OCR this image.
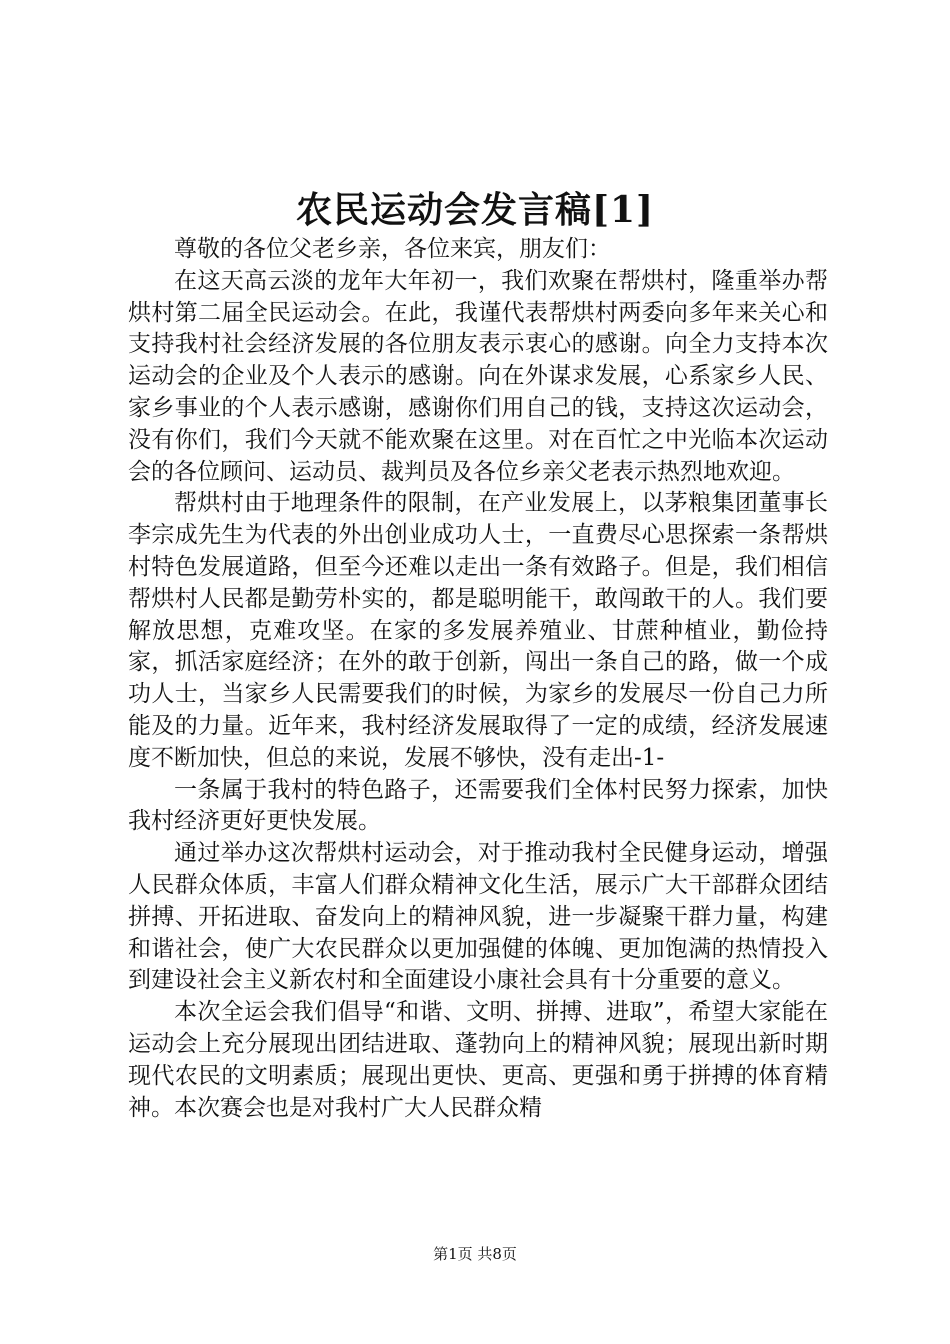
农民运动会发言稿[1]

尊敬的各位父老乡亲，各位来宾，朋友们：

在这天高云淡的龙年大年初一，我们欢聚在帮烘村，隆重举办帮烘村第二届全民运动会。在此，我谨代表帮烘村两委向多年来关心和支持我村社会经济发展的各位朋友表示衷心的感谢。向全力支持本次运动会的企业及个人表示的感谢。向在外谋求发展，心系家乡人民、家乡事业的个人表示感谢，感谢你们用自己的钱，支持这次运动会，没有你们，我们今天就不能欢聚在这里。对在百忙之中光临本次运动会的各位顾问、运动员、裁判员及各位乡亲父老表示热烈地欢迎。

帮烘村由于地理条件的限制，在产业发展上，以茅粮集团董事长李宗成先生为代表的外出创业成功人士，一直费尽心思探索一条帮烘村特色发展道路，但至今还难以走出一条有效路子。但是，我们相信帮烘村人民都是勤劳朴实的，都是聪明能干，敢闯敢干的人。我们要解放思想，克难攻坚。在家的多发展养殖业、甘蔗种植业，勤俭持家，抓活家庭经济；在外的敢于创新，闯出一条自己的路，做一个成功人士，当家乡人民需要我们的时候，为家乡的发展尽一份自己力所能及的力量。近年来，我村经济发展取得了一定的成绩，经济发展速度不断加快，但总的来说，发展不够快，没有走出-1-

一条属于我村的特色路子，还需要我们全体村民努力探索，加快我村经济更好更快发展。

通过举办这次帮烘村运动会，对于推动我村全民健身运动，增强人民群众体质，丰富人们群众精神文化生活，展示广大干部群众团结拼搏、开拓进取、奋发向上的精神风貌，进一步凝聚干群力量，构建和谐社会，使广大农民群众以更加强健的体魄、更加饱满的热情投入到建设社会主义新农村和全面建设小康社会具有十分重要的意义。

本次全运会我们倡导“和谐、文明、拼搏、进取”，希望大家能在运动会上充分展现出团结进取、蓬勃向上的精神风貌；展现出新时期现代农民的文明素质；展现出更快、更高、更强和勇于拼搏的体育精神。本次赛会也是对我村广大人民群众精

第1页 共8页
